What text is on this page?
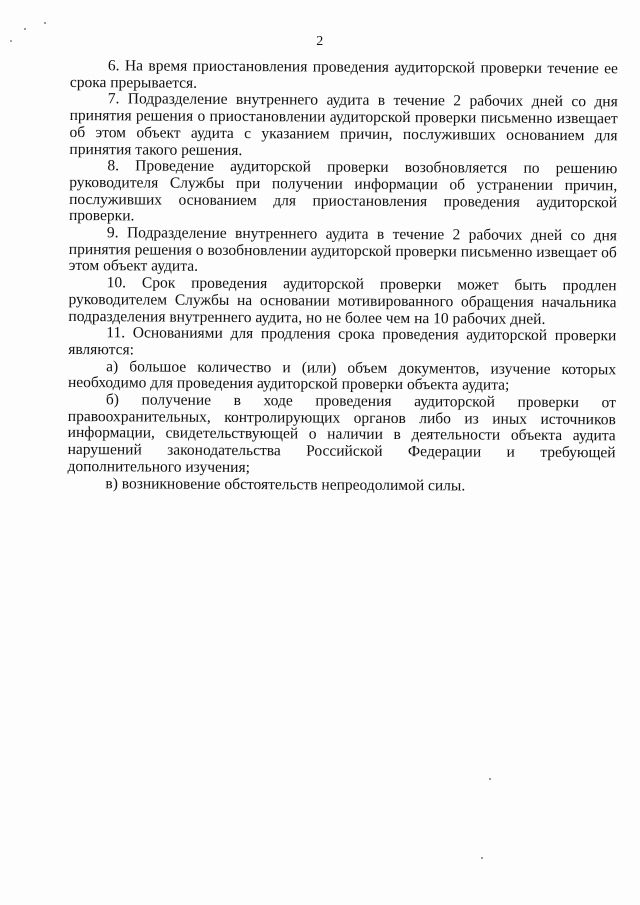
2

6. На время приостановления проведения аудиторской проверки течение ее срока прерывается.

7. Подразделение внутреннего аудита в течение 2 рабочих дней со дня принятия решения о приостановлении аудиторской проверки письменно извещает об этом объект аудита с указанием причин, послуживших основанием для принятия такого решения.

8. Проведение аудиторской проверки возобновляется по решению руководителя Службы при получении информации об устранении причин, послуживших основанием для приостановления проведения аудиторской проверки.

9. Подразделение внутреннего аудита в течение 2 рабочих дней со дня принятия решения о возобновлении аудиторской проверки письменно извещает об этом объект аудита.

10. Срок проведения аудиторской проверки может быть продлен руководителем Службы на основании мотивированного обращения начальника подразделения внутреннего аудита, но не более чем на 10 рабочих дней.

11. Основаниями для продления срока проведения аудиторской проверки являются:

а) большое количество и (или) объем документов, изучение которых необходимо для проведения аудиторской проверки объекта аудита;

б) получение в ходе проведения аудиторской проверки от правоохранительных, контролирующих органов либо из иных источников информации, свидетельствующей о наличии в деятельности объекта аудита нарушений законодательства Российской Федерации и требующей дополнительного изучения;

в) возникновение обстоятельств непреодолимой силы.
